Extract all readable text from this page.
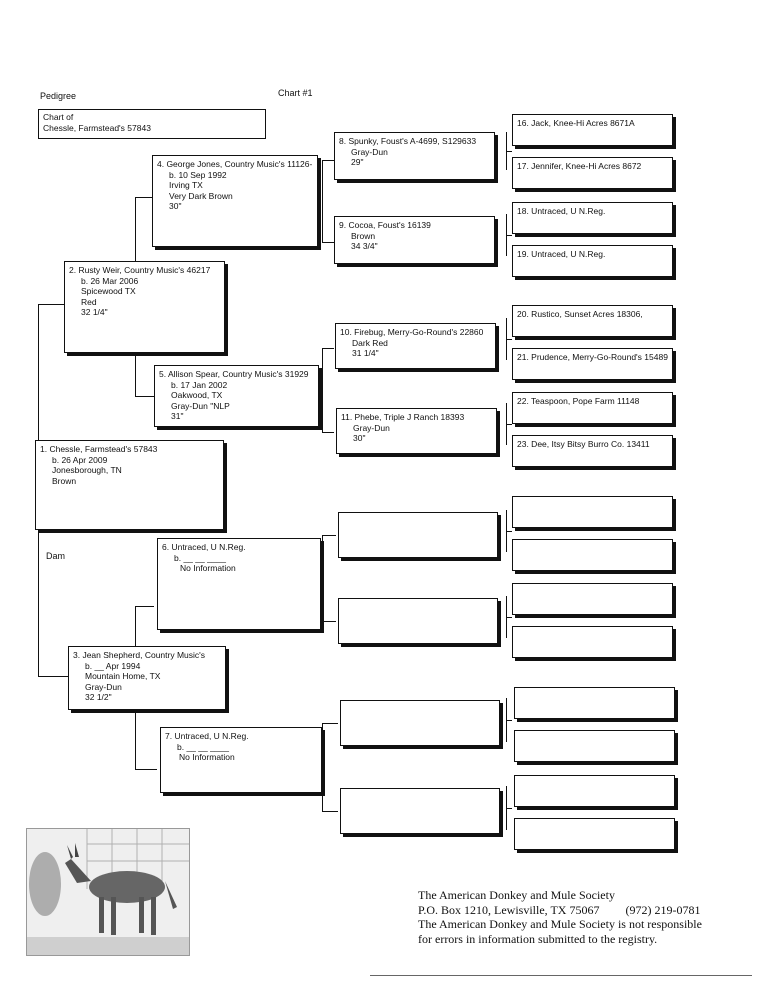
Pedigree	Chart #1
Chart of
Chessle, Farmstead's 57843
1. Chessle, Farmstead's 57843
b. 26 Apr 2009
Jonesborough, TN
Brown
Dam
2. Rusty Weir, Country Music's 46217
b. 26 Mar 2006
Spicewood TX
Red
32 1/4"
3. Jean Shepherd, Country Music's
b. __ Apr 1994
Mountain Home, TX
Gray-Dun
32 1/2"
4. George Jones, Country Music's 11126-
b. 10 Sep 1992
Irving TX
Very Dark Brown
30"
5. Allison Spear, Country Music's 31929
b. 17 Jan 2002
Oakwood, TX
Gray-Dun "NLP
31"
6. Untraced, U N.Reg.
b. __ __ ____
No Information
7. Untraced, U N.Reg.
b. __ __ ____
No Information
8. Spunky, Foust's A-4699, S129633
Gray-Dun
29"
9. Cocoa, Foust's 16139
Brown
34 3/4"
10. Firebug, Merry-Go-Round's 22860
Dark Red
31 1/4"
11. Phebe, Triple J Ranch 18393
Gray-Dun
30"
16. Jack, Knee-Hi Acres 8671A
17. Jennifer, Knee-Hi Acres 8672
18. Untraced, U N.Reg.
19. Untraced, U N.Reg.
20. Rustico, Sunset Acres 18306,
21. Prudence, Merry-Go-Round's 15489
22. Teaspoon, Pope Farm 11148
23. Dee, Itsy Bitsy Burro Co. 13411
The American Donkey and Mule Society
P.O. Box 1210, Lewisville, TX 75067 (972) 219-0781
The American Donkey and Mule Society is not responsible
for errors in information submitted to the registry.
